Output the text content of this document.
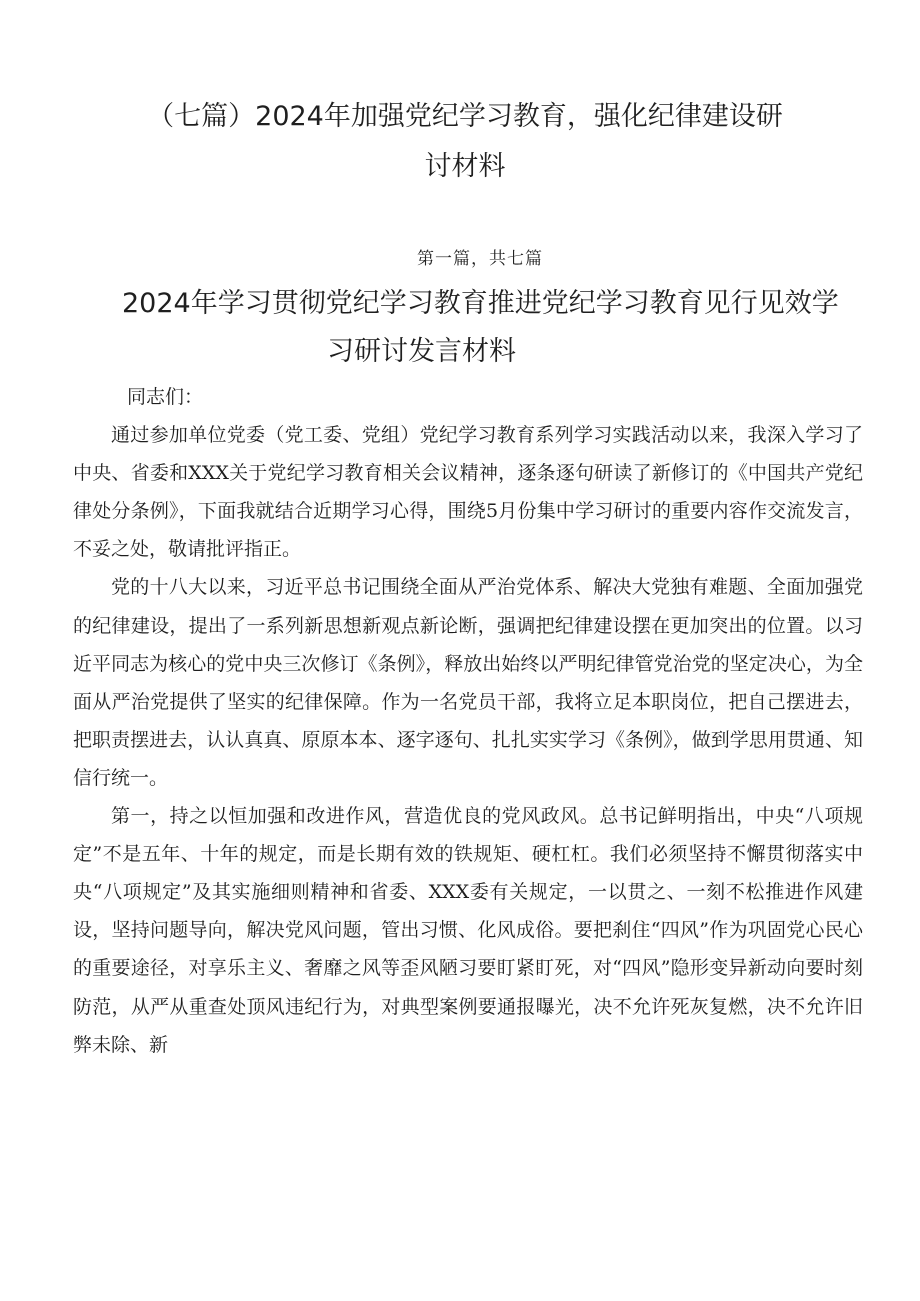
（七篇）2024年加强党纪学习教育，强化纪律建设研
讨材料
第一篇，共七篇
2024年学习贯彻党纪学习教育推进党纪学习教育见行见效学
习研讨发言材料

同志们：

通过参加单位党委（党工委、党组）党纪学习教育系列学习实践活动以来，我深入学习了中央、省委和XXX关于党纪学习教育相关会议精神，逐条逐句研读了新修订的《中国共产党纪律处分条例》，下面我就结合近期学习心得，围绕5月份集中学习研讨的重要内容作交流发言，不妥之处，敬请批评指正。

党的十八大以来，习近平总书记围绕全面从严治党体系、解决大党独有难题、全面加强党的纪律建设，提出了一系列新思想新观点新论断，强调把纪律建设摆在更加突出的位置。以习近平同志为核心的党中央三次修订《条例》，释放出始终以严明纪律管党治党的坚定决心，为全面从严治党提供了坚实的纪律保障。作为一名党员干部，我将立足本职岗位，把自己摆进去，把职责摆进去，认认真真、原原本本、逐字逐句、扎扎实实学习《条例》，做到学思用贯通、知信行统一。

第一，持之以恒加强和改进作风，营造优良的党风政风。总书记鲜明指出，中央“八项规定”不是五年、十年的规定，而是长期有效的铁规矩、硬杠杠。我们必须坚持不懈贯彻落实中央“八项规定”及其实施细则精神和省委、XXX委有关规定，一以贯之、一刻不松推进作风建设，坚持问题导向，解决党风问题，管出习惯、化风成俗。要把刹住“四风”作为巩固党心民心的重要途径，对享乐主义、奢靡之风等歪风陋习要盯紧盯死，对“四风”隐形变异新动向要时刻防范，从严从重查处顶风违纪行为，对典型案例要通报曝光，决不允许死灰复燃，决不允许旧弊未除、新
